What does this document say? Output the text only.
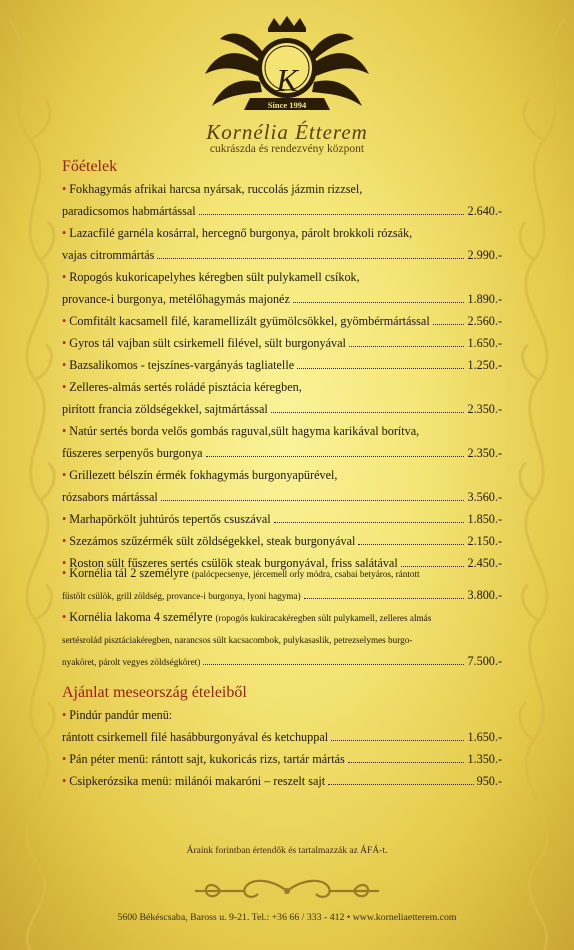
K
Since 1994
Kornélia Étterem
cukrászda és rendezvény központ
Főételek
• Fokhagymás afrikai harcsa nyársak, ruccolás jázmin rizzsel,
paradicsomos habmártással	2.640.-
• Lazacfilé garnéla kosárral, hercegnő burgonya, párolt brokkoli rózsák,
vajas citrommártás	2.990.-
• Ropogós kukoricapelyhes kéregben sült pulykamell csíkok,
provance-i burgonya, metélőhagymás majonéz	1.890.-
• Comfitált kacsamell filé, karamellizált gyümölcsökkel, gyömbérmártással	2.560.-
• Gyros tál vajban sült csirkemell filével, sült burgonyával	1.650.-
• Bazsalikomos - tejszínes-vargányás tagliatelle	1.250.-
• Zelleres-almás sertés roládé pisztácia kéregben,
pirított francia zöldségekkel, sajtmártással	2.350.-
• Natúr sertés borda velős gombás raguval,sült hagyma karikával borítva,
fűszeres serpenyős burgonya	2.350.-
• Grillezett bélszín érmék fokhagymás burgonyapürével,
rózsabors mártással	3.560.-
• Marhapörkölt juhtúrós tepertős csuszával	1.850.-
• Szezámos szűzérmék sült zöldségekkel, steak burgonyával	2.150.-
• Roston sült fűszeres sertés csülök steak burgonyával, friss salátával	2.450.-
• Kornélia tál 2 személyre (palócpecsenye, jércemell orly módra, csabai betyáros, rántott
füstölt csülök, grill zöldség, provance-i burgonya, lyoni hagyma)	3.800.-
• Kornélia lakoma 4 személyre (ropogós kukiracakéregben sült pulykamell, zelleres almás
sertésrolád pisztáciakéregben, narancsos sült kacsacombok, pulykasaslik, petrezselymes burgo-
nyaköret, párolt vegyes zöldségköret)	7.500.-
Ajánlat meseország ételeiből
• Pindúr pandúr menü:
rántott csirkemell filé hasábburgonyával és ketchuppal	1.650.-
• Pán péter menü: rántott sajt, kukoricás rizs, tartár mártás	1.350.-
• Csipkerózsika menü: milánói makaróni – reszelt sajt	950.-
Áraink forintban értendők és tartalmazzák az ÁFÁ-t.
5600 Békéscsaba, Baross u. 9-21. Tel.: +36 66 / 333 - 412 • www.korneliaetterem.com
